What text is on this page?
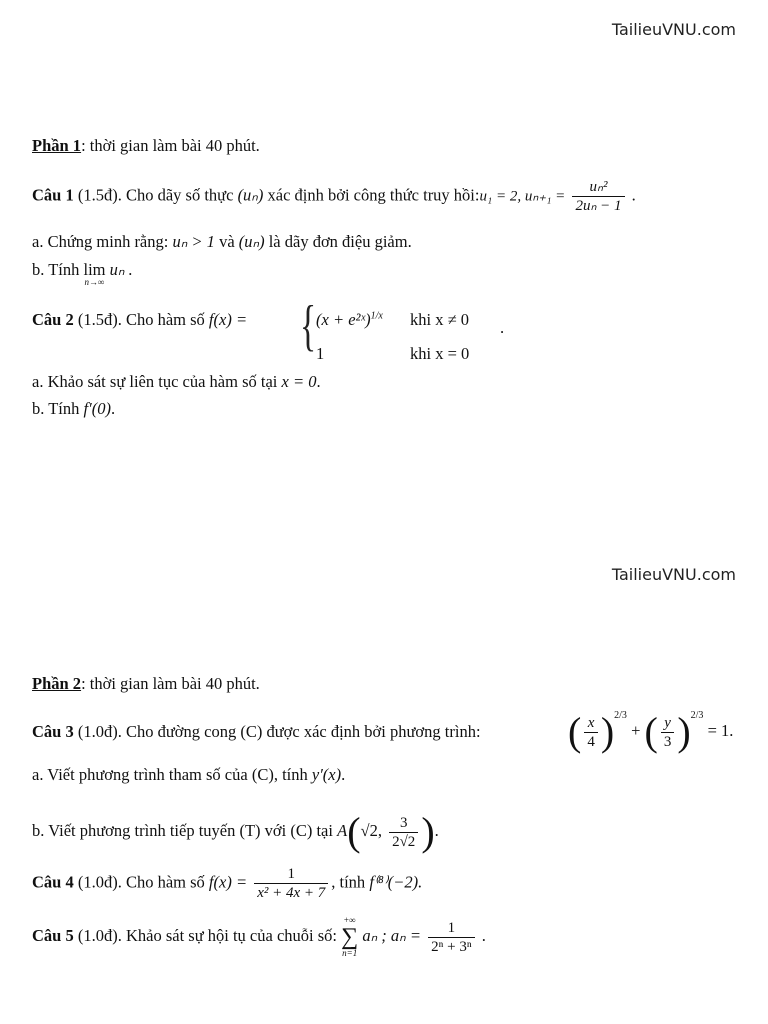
TailieuVNU.com
TailieuVNU.com
Phần 1: thời gian làm bài 40 phút.
Câu 1 (1.5đ). Cho dãy số thực (uₙ) xác định bởi công thức truy hồi:u₁ = 2, $u_{n+1} = \frac{\text{uₙ²}}{\text{2uₙ − 1}}$ .
a. Chứng minh rằng: uₙ > 1 và (uₙ) là dãy đơn điệu giảm.
b. Tính lim
n→∞
uₙ .
Câu 2 (1.5đ). Cho hàm số f(x) = { (x + e²ˣ)$^{1/x}$ khi x ≠ 0 .
1	khi x = 0
a. Khảo sát sự liên tục của hàm số tại x = 0.
b. Tính f′(0).
Phần 2: thời gian làm bài 40 phút.
Câu 3 (1.0đ). Cho đường cong (C) được xác định bởi phương trình: ( $\frac{x}{4} )^{2/3}$ + ( $\frac{y}{3} )^{2/3} = 1$.
a. Viết phương trình tham số của (C), tính y′(x).
b. Viết phương trình tiếp tuyến (T) với (C) tại A(√2, $\frac{3}{2√2}$ ).
Câu 4 (1.0đ). Cho hàm số $f(x) = \frac{1}{\text{x² + 4x + 7}}$ , tính f⁽⁸⁾(−2).
Câu 5 (1.0đ). Khảo sát sự hội tụ của chuỗi số:
+∞
∑
n=1
aₙ ; $a_n = \frac{1}{\text{2ⁿ + 3ⁿ}}$ .
